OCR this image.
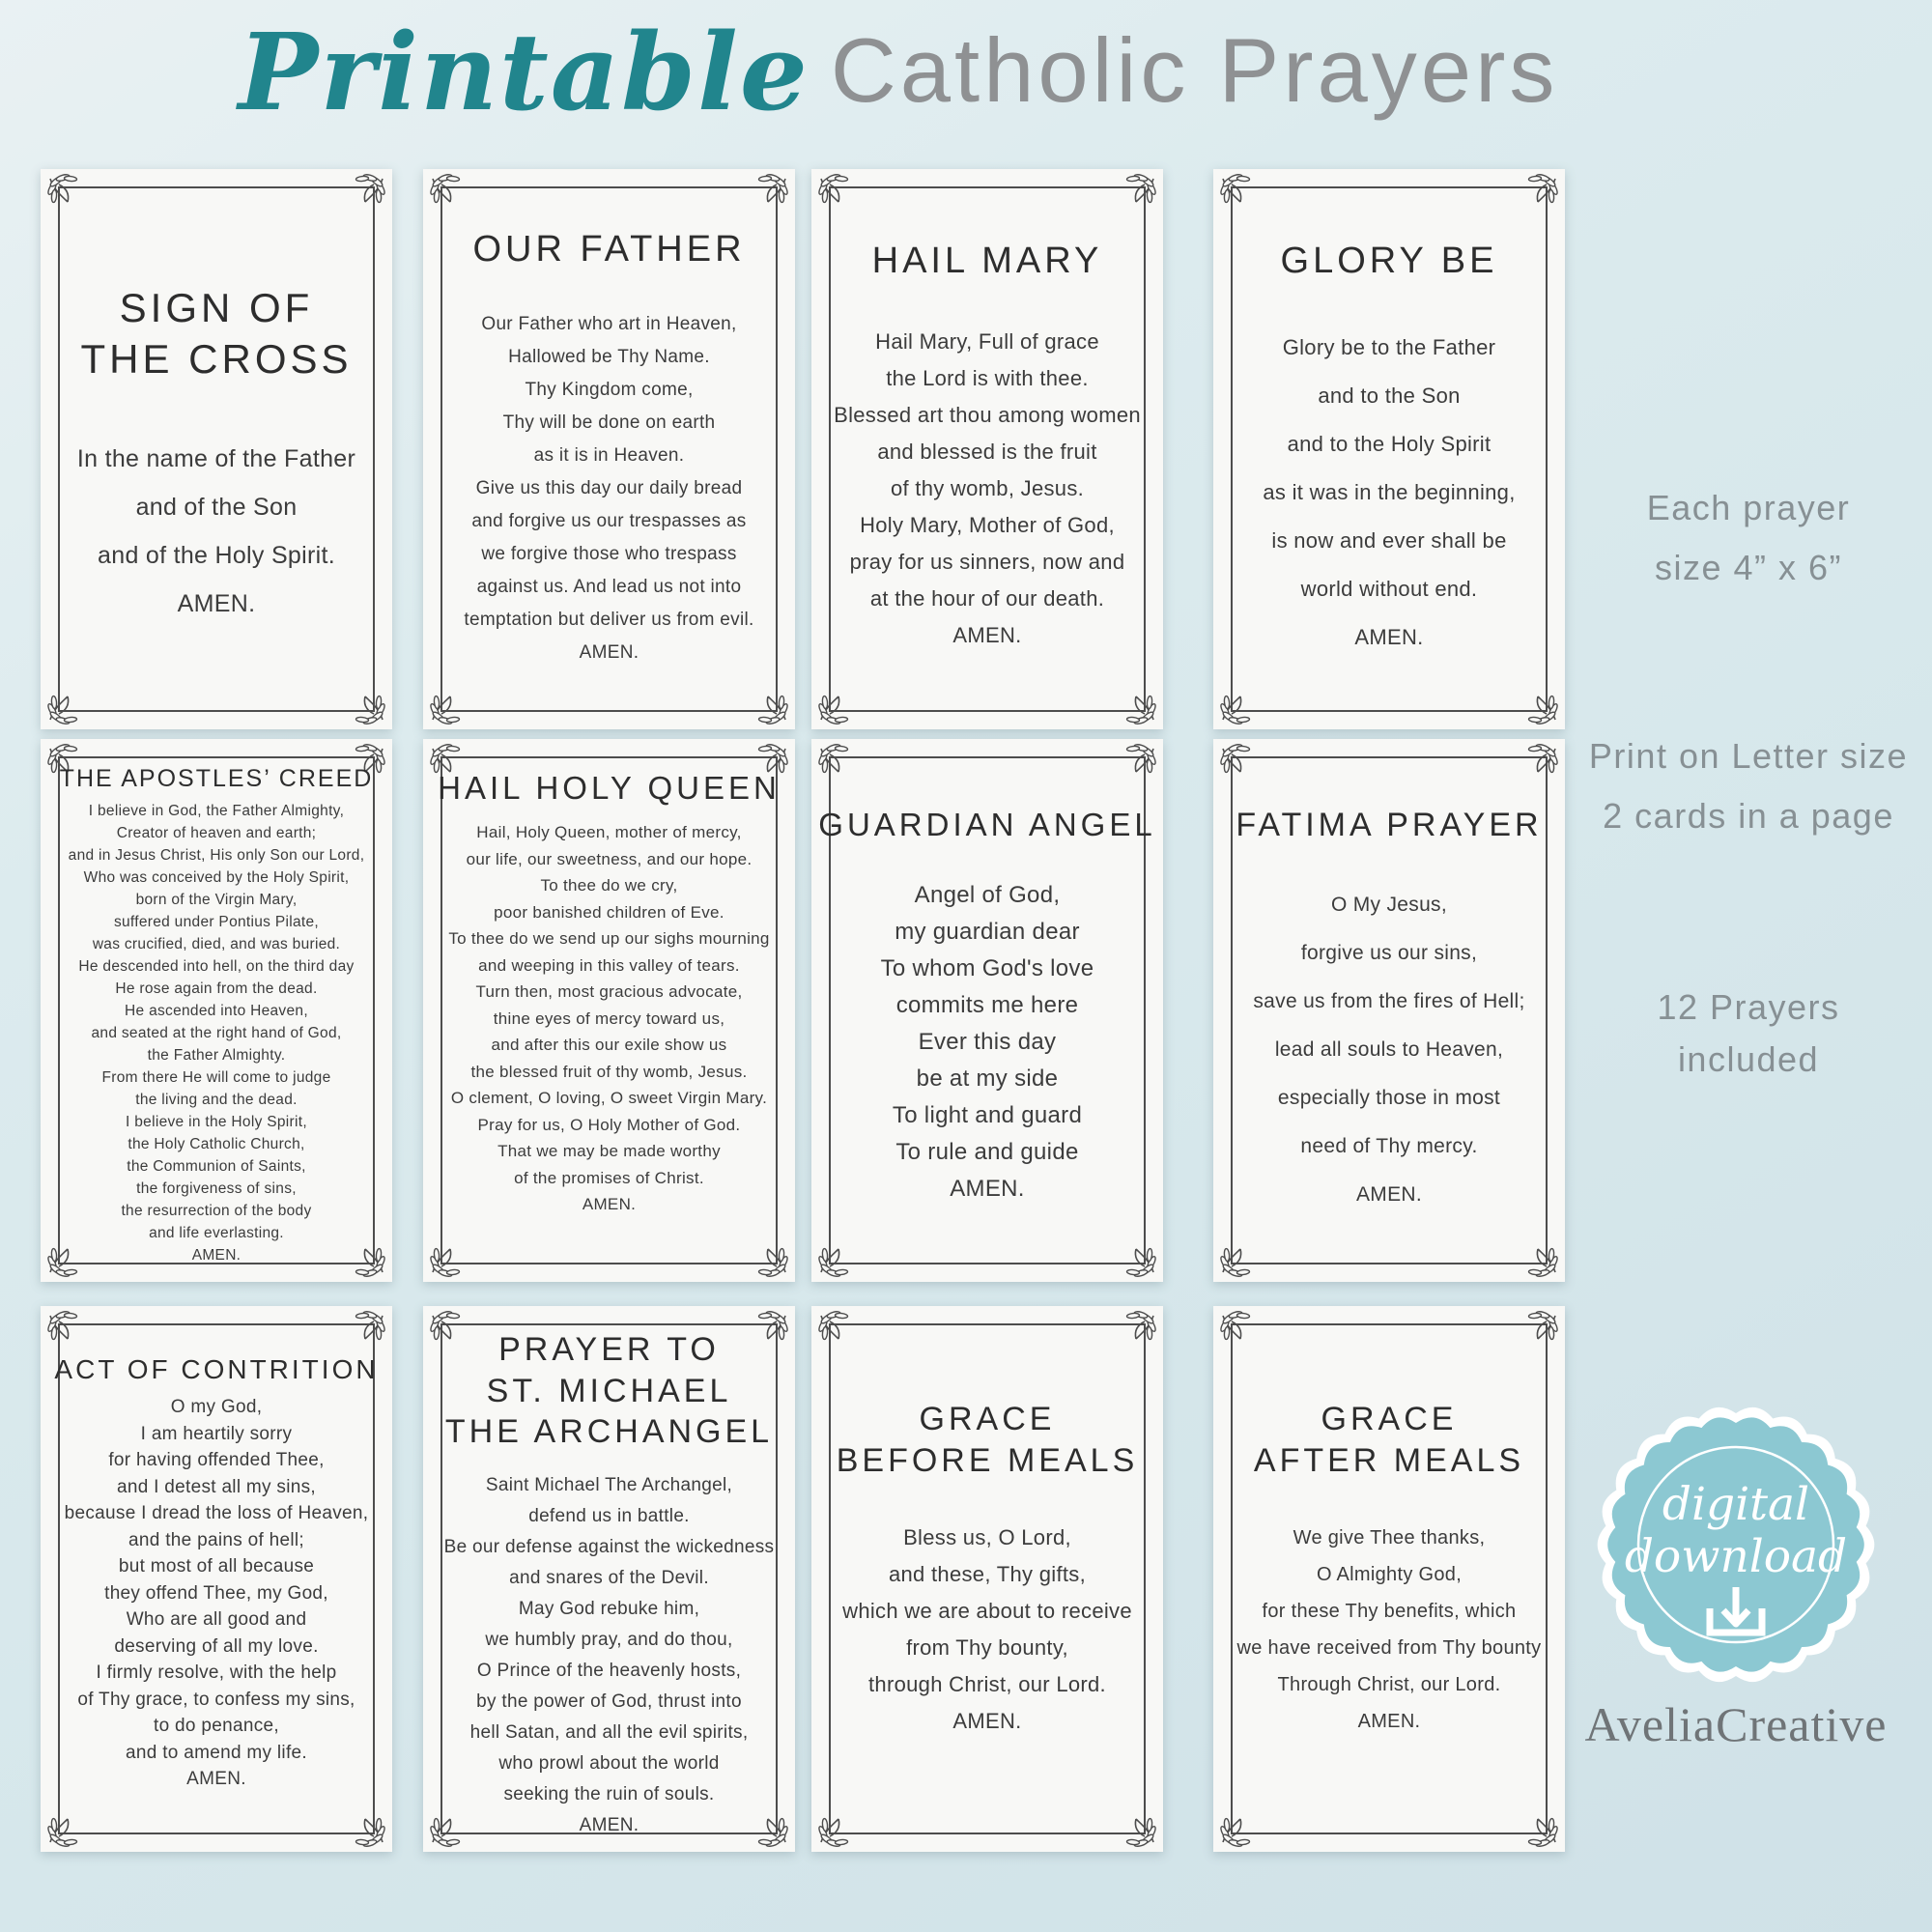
Printable Catholic Prayers
SIGN OF
THE CROSS
In the name of the Father
and of the Son
and of the Holy Spirit.
AMEN.
OUR FATHER
Our Father who art in Heaven,
Hallowed be Thy Name.
Thy Kingdom come,
Thy will be done on earth
as it is in Heaven.
Give us this day our daily bread
and forgive us our trespasses as
we forgive those who trespass
against us. And lead us not into
temptation but deliver us from evil.
AMEN.
HAIL MARY
Hail Mary, Full of grace
the Lord is with thee.
Blessed art thou among women
and blessed is the fruit
of thy womb, Jesus.
Holy Mary, Mother of God,
pray for us sinners, now and
at the hour of our death.
AMEN.
GLORY BE
Glory be to the Father
and to the Son
and to the Holy Spirit
as it was in the beginning,
is now and ever shall be
world without end.
AMEN.
THE APOSTLES’ CREED
I believe in God, the Father Almighty,
Creator of heaven and earth;
and in Jesus Christ, His only Son our Lord,
Who was conceived by the Holy Spirit,
born of the Virgin Mary,
suffered under Pontius Pilate,
was crucified, died, and was buried.
He descended into hell, on the third day
He rose again from the dead.
He ascended into Heaven,
and seated at the right hand of God,
the Father Almighty.
From there He will come to judge
the living and the dead.
I believe in the Holy Spirit,
the Holy Catholic Church,
the Communion of Saints,
the forgiveness of sins,
the resurrection of the body
and life everlasting.
AMEN.
HAIL HOLY QUEEN
Hail, Holy Queen, mother of mercy,
our life, our sweetness, and our hope.
To thee do we cry,
poor banished children of Eve.
To thee do we send up our sighs mourning
and weeping in this valley of tears.
Turn then, most gracious advocate,
thine eyes of mercy toward us,
and after this our exile show us
the blessed fruit of thy womb, Jesus.
O clement, O loving, O sweet Virgin Mary.
Pray for us, O Holy Mother of God.
That we may be made worthy
of the promises of Christ.
AMEN.
GUARDIAN ANGEL
Angel of God,
my guardian dear
To whom God's love
commits me here
Ever this day
be at my side
To light and guard
To rule and guide
AMEN.
FATIMA PRAYER
O My Jesus,
forgive us our sins,
save us from the fires of Hell;
lead all souls to Heaven,
especially those in most
need of Thy mercy.
AMEN.
ACT OF CONTRITION
O my God,
I am heartily sorry
for having offended Thee,
and I detest all my sins,
because I dread the loss of Heaven,
and the pains of hell;
but most of all because
they offend Thee, my God,
Who are all good and
deserving of all my love.
I firmly resolve, with the help
of Thy grace, to confess my sins,
to do penance,
and to amend my life.
AMEN.
PRAYER TO
ST. MICHAEL
THE ARCHANGEL
Saint Michael The Archangel,
defend us in battle.
Be our defense against the wickedness
and snares of the Devil.
May God rebuke him,
we humbly pray, and do thou,
O Prince of the heavenly hosts,
by the power of God, thrust into
hell Satan, and all the evil spirits,
who prowl about the world
seeking the ruin of souls.
AMEN.
GRACE
BEFORE MEALS
Bless us, O Lord,
and these, Thy gifts,
which we are about to receive
from Thy bounty,
through Christ, our Lord.
AMEN.
GRACE
AFTER MEALS
We give Thee thanks,
O Almighty God,
for these Thy benefits, which
we have received from Thy bounty
Through Christ, our Lord.
AMEN.
Each prayer
size 4” x 6”
Print on Letter size
2 cards in a page
12 Prayers
included
digital
download
AveliaCreative
